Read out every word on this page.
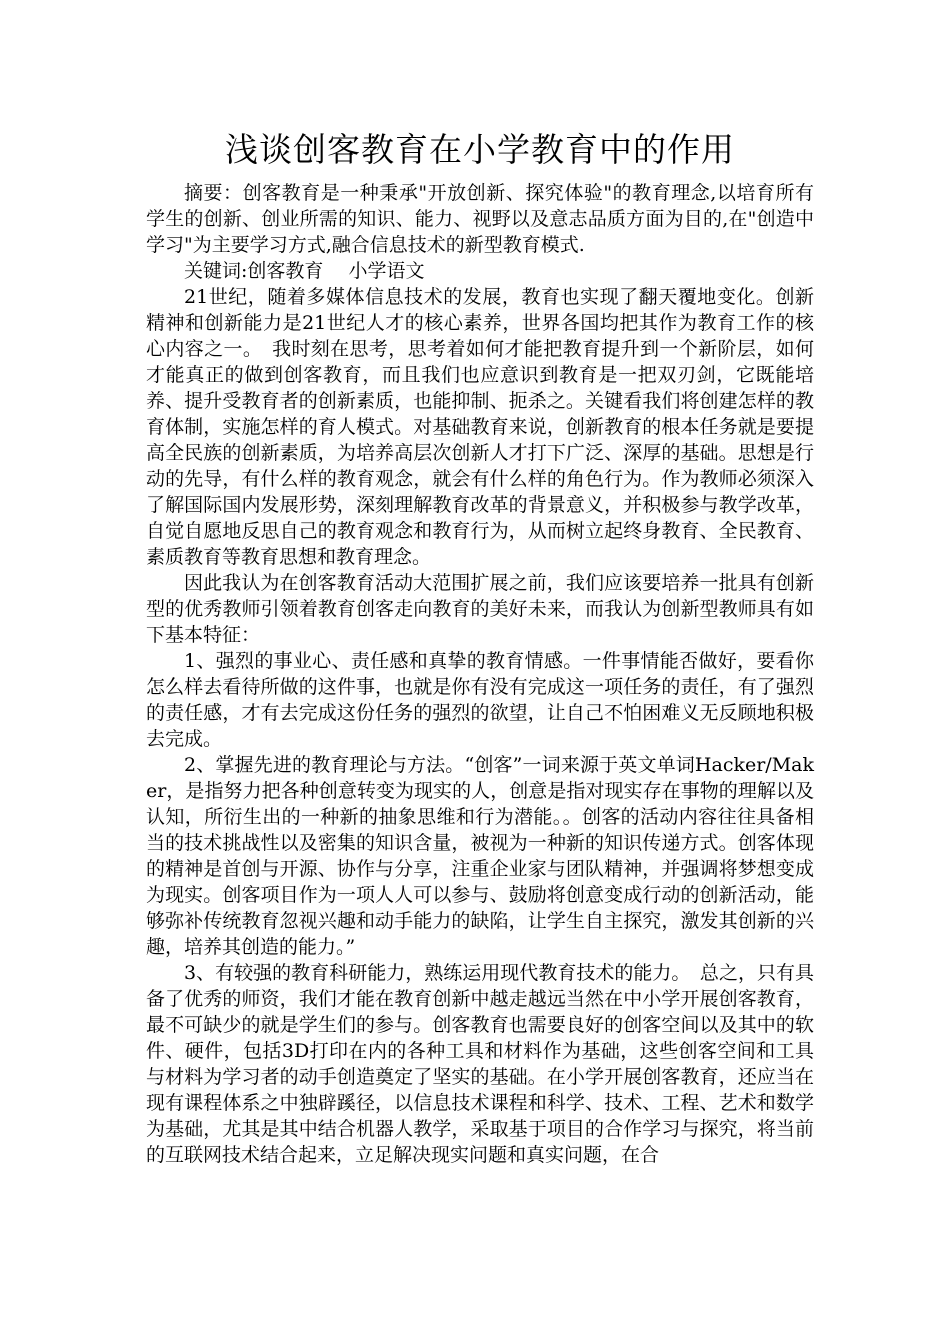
浅谈创客教育在小学教育中的作用

摘要：创客教育是一种秉承"开放创新、探究体验"的教育理念,以培育所有学生的创新、创业所需的知识、能力、视野以及意志品质方面为目的,在"创造中学习"为主要学习方式,融合信息技术的新型教育模式.

关键词:创客教育　 小学语文

21世纪，随着多媒体信息技术的发展，教育也实现了翻天覆地变化。创新精神和创新能力是21世纪人才的核心素养，世界各国均把其作为教育工作的核心内容之一。　我时刻在思考，思考着如何才能把教育提升到一个新阶层，如何才能真正的做到创客教育，而且我们也应意识到教育是一把双刃剑，它既能培养、提升受教育者的创新素质，也能抑制、扼杀之。关键看我们将创建怎样的教育体制，实施怎样的育人模式。对基础教育来说，创新教育的根本任务就是要提高全民族的创新素质，为培养高层次创新人才打下广泛、深厚的基础。思想是行动的先导，有什么样的教育观念，就会有什么样的角色行为。作为教师必须深入了解国际国内发展形势，深刻理解教育改革的背景意义，并积极参与教学改革，自觉自愿地反思自己的教育观念和教育行为，从而树立起终身教育、全民教育、素质教育等教育思想和教育理念。

因此我认为在创客教育活动大范围扩展之前，我们应该要培养一批具有创新型的优秀教师引领着教育创客走向教育的美好未来，而我认为创新型教师具有如下基本特征：

1、强烈的事业心、责任感和真挚的教育情感。一件事情能否做好，要看你怎么样去看待所做的这件事，也就是你有没有完成这一项任务的责任，有了强烈的责任感，才有去完成这份任务的强烈的欲望，让自己不怕困难义无反顾地积极去完成。

2、掌握先进的教育理论与方法。“创客”一词来源于英文单词Hacker/Maker，是指努力把各种创意转变为现实的人，创意是指对现实存在事物的理解以及认知，所衍生出的一种新的抽象思维和行为潜能。。创客的活动内容往往具备相当的技术挑战性以及密集的知识含量，被视为一种新的知识传递方式。创客体现的精神是首创与开源、协作与分享，注重企业家与团队精神，并强调将梦想变成为现实。创客项目作为一项人人可以参与、鼓励将创意变成行动的创新活动，能够弥补传统教育忽视兴趣和动手能力的缺陷，让学生自主探究，激发其创新的兴趣，培养其创造的能力。”

3、有较强的教育科研能力，熟练运用现代教育技术的能力。　总之，只有具备了优秀的师资，我们才能在教育创新中越走越远当然在中小学开展创客教育，最不可缺少的就是学生们的参与。创客教育也需要良好的创客空间以及其中的软件、硬件，包括3D打印在内的各种工具和材料作为基础，这些创客空间和工具与材料为学习者的动手创造奠定了坚实的基础。在小学开展创客教育，还应当在现有课程体系之中独辟蹊径，以信息技术课程和科学、技术、工程、艺术和数学为基础，尤其是其中结合机器人教学，采取基于项目的合作学习与探究，将当前的互联网技术结合起来，立足解决现实问题和真实问题，在合
